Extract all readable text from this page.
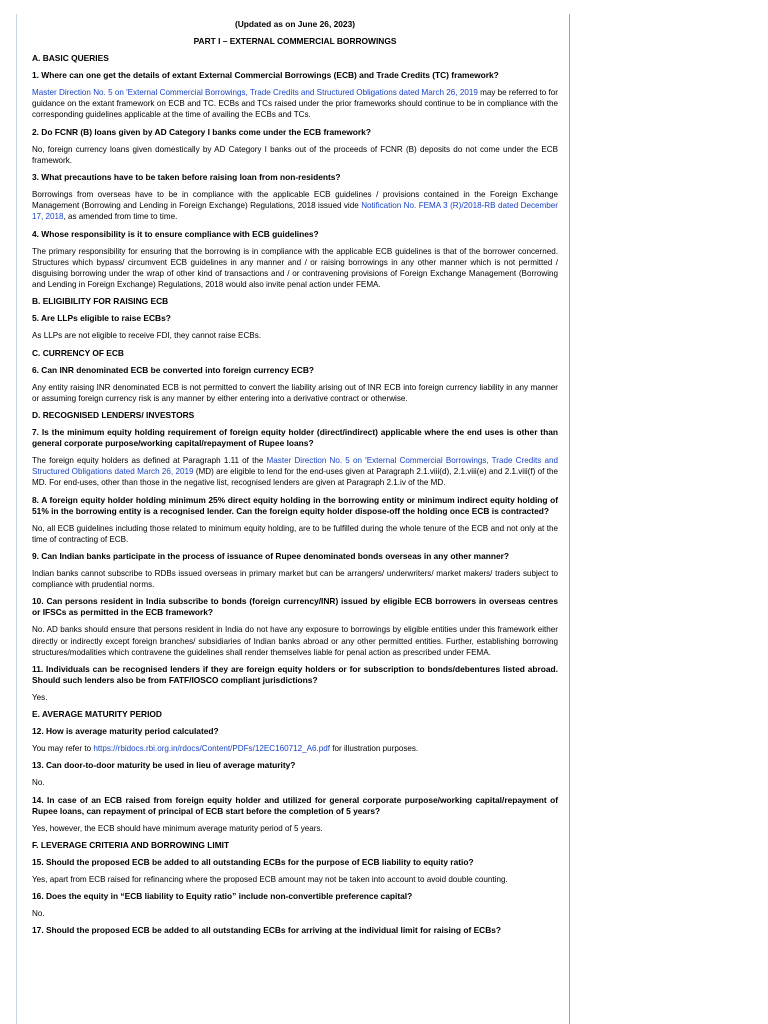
(Updated as on June 26, 2023)

PART I – EXTERNAL COMMERCIAL BORROWINGS

A. BASIC QUERIES

1. Where can one get the details of extant External Commercial Borrowings (ECB) and Trade Credits (TC) framework?

Master Direction No. 5 on 'External Commercial Borrowings, Trade Credits and Structured Obligations dated March 26, 2019 may be referred to for guidance on the extant framework on ECB and TC. ECBs and TCs raised under the prior frameworks should continue to be in compliance with the corresponding guidelines applicable at the time of availing the ECBs and TCs.

2. Do FCNR (B) loans given by AD Category I banks come under the ECB framework?

No, foreign currency loans given domestically by AD Category I banks out of the proceeds of FCNR (B) deposits do not come under the ECB framework.

3. What precautions have to be taken before raising loan from non-residents?

Borrowings from overseas have to be in compliance with the applicable ECB guidelines / provisions contained in the Foreign Exchange Management (Borrowing and Lending in Foreign Exchange) Regulations, 2018 issued vide Notification No. FEMA 3 (R)/2018-RB dated December 17, 2018, as amended from time to time.

4. Whose responsibility is it to ensure compliance with ECB guidelines?

The primary responsibility for ensuring that the borrowing is in compliance with the applicable ECB guidelines is that of the borrower concerned. Structures which bypass/ circumvent ECB guidelines in any manner and / or raising borrowings in any other manner which is not permitted / disguising borrowing under the wrap of other kind of transactions and / or contravening provisions of Foreign Exchange Management (Borrowing and Lending in Foreign Exchange) Regulations, 2018 would also invite penal action under FEMA.

B. ELIGIBILITY FOR RAISING ECB

5. Are LLPs eligible to raise ECBs?

As LLPs are not eligible to receive FDI, they cannot raise ECBs.

C. CURRENCY OF ECB

6. Can INR denominated ECB be converted into foreign currency ECB?

Any entity raising INR denominated ECB is not permitted to convert the liability arising out of INR ECB into foreign currency liability in any manner or assuming foreign currency risk is any manner by either entering into a derivative contract or otherwise.

D. RECOGNISED LENDERS/ INVESTORS

7. Is the minimum equity holding requirement of foreign equity holder (direct/indirect) applicable where the end uses is other than general corporate purpose/working capital/repayment of Rupee loans?

The foreign equity holders as defined at Paragraph 1.11 of the Master Direction No. 5 on 'External Commercial Borrowings, Trade Credits and Structured Obligations dated March 26, 2019 (MD) are eligible to lend for the end-uses given at Paragraph 2.1.viii(d), 2.1.viii(e) and 2.1.viii(f) of the MD. For end-uses, other than those in the negative list, recognised lenders are given at Paragraph 2.1.iv of the MD.

8. A foreign equity holder holding minimum 25% direct equity holding in the borrowing entity or minimum indirect equity holding of 51% in the borrowing entity is a recognised lender. Can the foreign equity holder dispose-off the holding once ECB is contracted?

No, all ECB guidelines including those related to minimum equity holding, are to be fulfilled during the whole tenure of the ECB and not only at the time of contracting of ECB.

9. Can Indian banks participate in the process of issuance of Rupee denominated bonds overseas in any other manner?

Indian banks cannot subscribe to RDBs issued overseas in primary market but can be arrangers/ underwriters/ market makers/ traders subject to compliance with prudential norms.

10. Can persons resident in India subscribe to bonds (foreign currency/INR) issued by eligible ECB borrowers in overseas centres or IFSCs as permitted in the ECB framework?

No. AD banks should ensure that persons resident in India do not have any exposure to borrowings by eligible entities under this framework either directly or indirectly except foreign branches/ subsidiaries of Indian banks abroad or any other permitted entities. Further, establishing borrowing structures/modalities which contravene the guidelines shall render themselves liable for penal action as prescribed under FEMA.

11. Individuals can be recognised lenders if they are foreign equity holders or for subscription to bonds/debentures listed abroad. Should such lenders also be from FATF/IOSCO compliant jurisdictions?

Yes.

E. AVERAGE MATURITY PERIOD

12. How is average maturity period calculated?

You may refer to https://rbidocs.rbi.org.in/rdocs/Content/PDFs/12EC160712_A6.pdf for illustration purposes.

13. Can door-to-door maturity be used in lieu of average maturity?

No.

14. In case of an ECB raised from foreign equity holder and utilized for general corporate purpose/working capital/repayment of Rupee loans, can repayment of principal of ECB start before the completion of 5 years?

Yes, however, the ECB should have minimum average maturity period of 5 years.

F. LEVERAGE CRITERIA AND BORROWING LIMIT

15. Should the proposed ECB be added to all outstanding ECBs for the purpose of ECB liability to equity ratio?

Yes, apart from ECB raised for refinancing where the proposed ECB amount may not be taken into account to avoid double counting.

16. Does the equity in “ECB liability to Equity ratio” include non-convertible preference capital?

No.

17. Should the proposed ECB be added to all outstanding ECBs for arriving at the individual limit for raising of ECBs?
